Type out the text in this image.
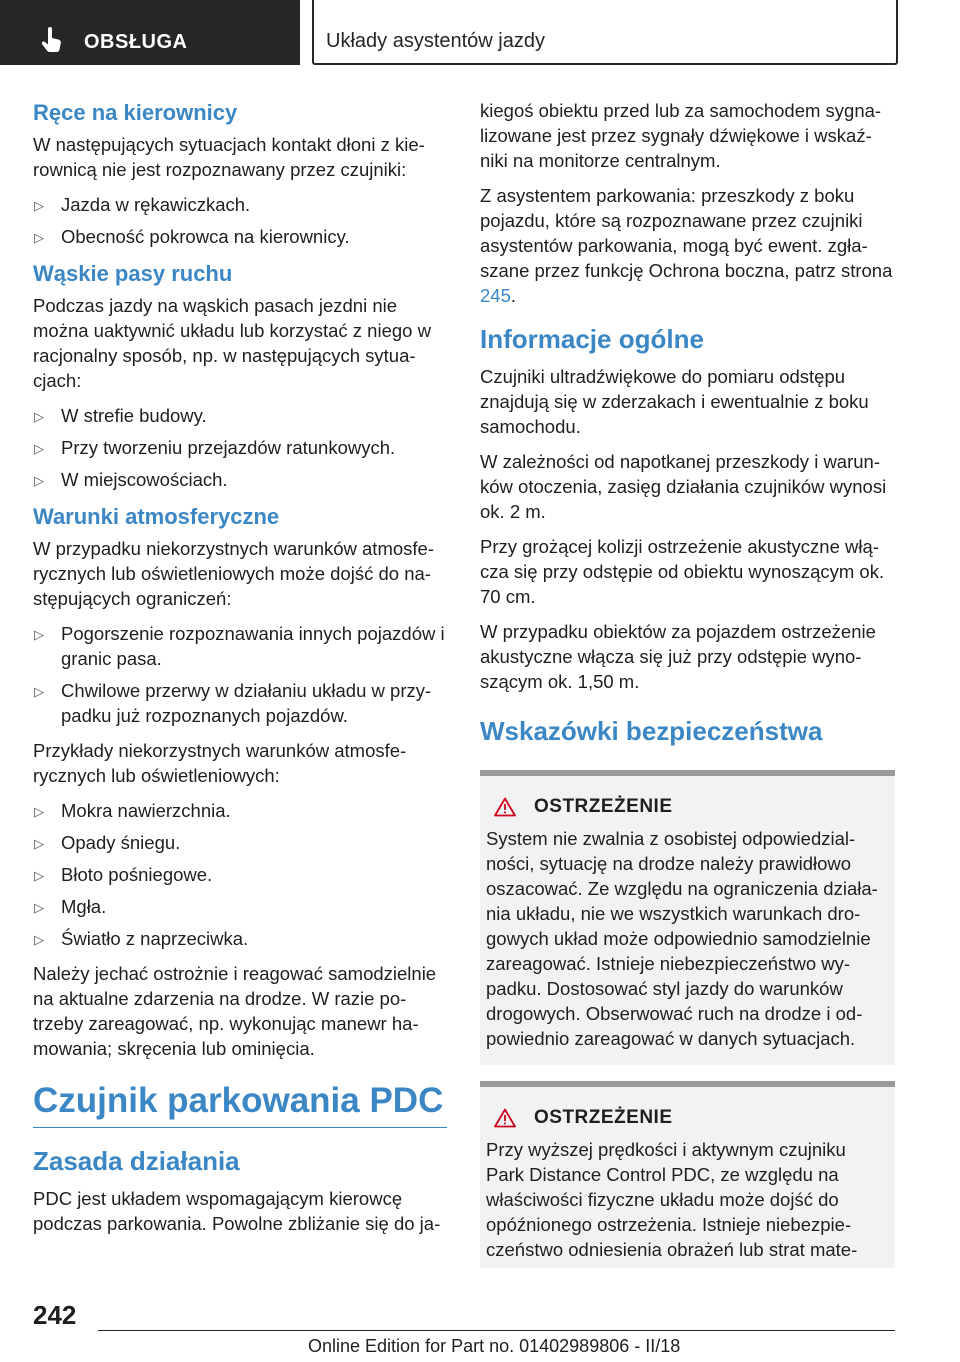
OBSŁUGA	Układy asystentów jazdy
Ręce na kierownicy

W następujących sytuacjach kontakt dłoni z kie-rownicą nie jest rozpoznawany przez czujniki:

▷ Jazda w rękawiczkach.
▷ Obecność pokrowca na kierownicy.
Wąskie pasy ruchu

Podczas jazdy na wąskich pasach jezdni nie można uaktywnić układu lub korzystać z niego w racjonalny sposób, np. w następujących sytua-cjach:

▷ W strefie budowy.
▷ Przy tworzeniu przejazdów ratunkowych.
▷ W miejscowościach.
Warunki atmosferyczne

W przypadku niekorzystnych warunków atmosfe-rycznych lub oświetleniowych może dojść do na-stępujących ograniczeń:

▷ Pogorszenie rozpoznawania innych pojazdów i granic pasa.
▷ Chwilowe przerwy w działaniu układu w przy-padku już rozpoznanych pojazdów.

Przykłady niekorzystnych warunków atmosfe-rycznych lub oświetleniowych:

▷ Mokra nawierzchnia.
▷ Opady śniegu.
▷ Błoto pośniegowe.
▷ Mgła.
▷ Światło z naprzeciwka.

Należy jechać ostrożnie i reagować samodzielnie na aktualne zdarzenia na drodze. W razie po-trzeby zareagować, np. wykonując manewr ha-mowania; skręcenia lub ominięcia.

Czujnik parkowania PDC
Zasada działania

PDC jest układem wspomagającym kierowcę podczas parkowania. Powolne zbliżanie się do ja-

kiegoś obiektu przed lub za samochodem sygna-lizowane jest przez sygnały dźwiękowe i wskaź-niki na monitorze centralnym.

Z asystentem parkowania: przeszkody z boku pojazdu, które są rozpoznawane przez czujniki asystentów parkowania, mogą być ewent. zgła-szane przez funkcję Ochrona boczna, patrz strona 245.

Informacje ogólne

Czujniki ultradźwiękowe do pomiaru odstępu znajdują się w zderzakach i ewentualnie z boku samochodu.

W zależności od napotkanej przeszkody i warun-ków otoczenia, zasięg działania czujników wynosi ok. 2 m.

Przy grożącej kolizji ostrzeżenie akustyczne włą-cza się przy odstępie od obiektu wynoszącym ok. 70 cm.

W przypadku obiektów za pojazdem ostrzeżenie akustyczne włącza się już przy odstępie wyno-szącym ok. 1,50 m.

Wskazówki bezpieczeństwa
OSTRZEŻENIE

System nie zwalnia z osobistej odpowiedzial-ności, sytuację na drodze należy prawidłowo oszacować. Ze względu na ograniczenia działa-nia układu, nie we wszystkich warunkach dro-gowych układ może odpowiednio samodzielnie zareagować. Istnieje niebezpieczeństwo wy-padku. Dostosować styl jazdy do warunków drogowych. Obserwować ruch na drodze i od-powiednio zareagować w danych sytuacjach.

OSTRZEŻENIE

Przy wyższej prędkości i aktywnym czujniku Park Distance Control PDC, ze względu na właściwości fizyczne układu może dojść do opóźnionego ostrzeżenia. Istnieje niebezpie-czeństwo odniesienia obrażeń lub strat mate-

242
Online Edition for Part no. 01402989806 - II/18
